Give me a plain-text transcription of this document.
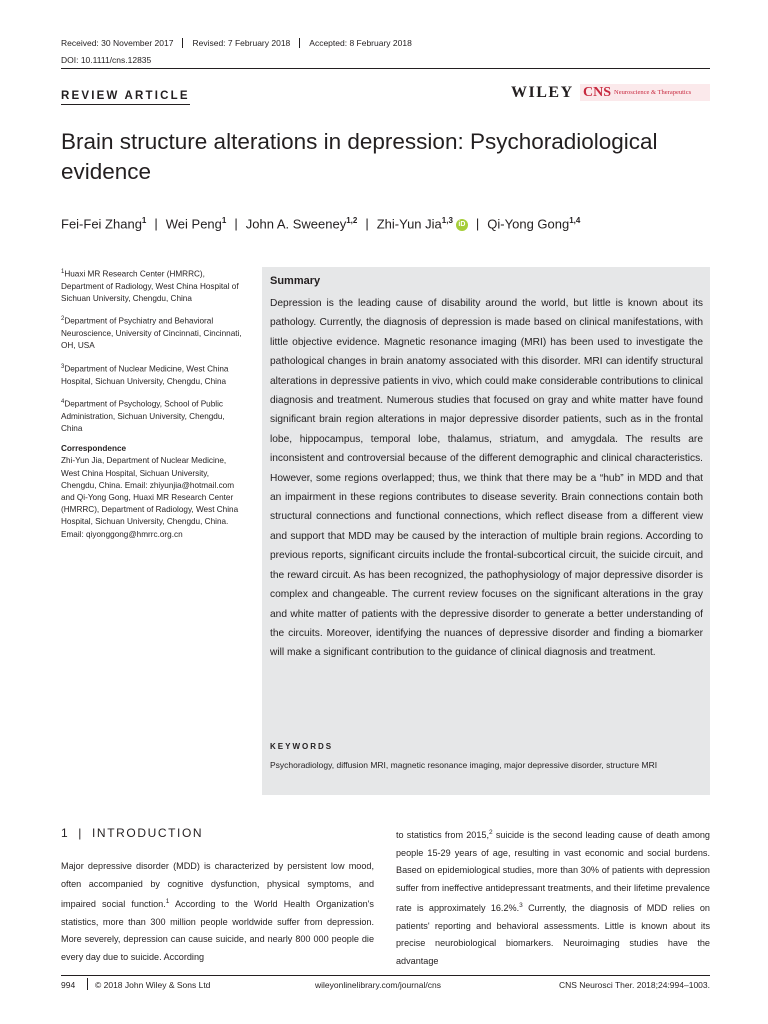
Received: 30 November 2017	Revised: 7 February 2018	Accepted: 8 February 2018
DOI: 10.1111/cns.12835
REVIEW ARTICLE	WILEY CNS Neuroscience & Therapeutics
Brain structure alterations in depression: Psychoradiological evidence
Fei-Fei Zhang$^1$ | Wei Peng$^1$ | John A. Sweeney$^{1,2}$ | Zhi-Yun Jia$^{1,3}$ iD | Qi-Yong Gong$^{1,4}$

$^1$Huaxi MR Research Center (HMRRC), Department of Radiology, West China Hospital of Sichuan University, Chengdu, China

$^2$Department of Psychiatry and Behavioral Neuroscience, University of Cincinnati, Cincinnati, OH, USA

$^3$Department of Nuclear Medicine, West China Hospital, Sichuan University, Chengdu, China

$^4$Department of Psychology, School of Public Administration, Sichuan University, Chengdu, China

Correspondence
Zhi-Yun Jia, Department of Nuclear Medicine, West China Hospital, Sichuan University, Chengdu, China. Email: zhiyunjia@hotmail.com and Qi-Yong Gong, Huaxi MR Research Center (HMRRC), Department of Radiology, West China Hospital, Sichuan University, Chengdu, China. Email: qiyonggong@hmrrc.org.cn
Summary
Depression is the leading cause of disability around the world, but little is known about its pathology. Currently, the diagnosis of depression is made based on clinical manifestations, with little objective evidence. Magnetic resonance imaging (MRI) has been used to investigate the pathological changes in brain anatomy associated with this disorder. MRI can identify structural alterations in depressive patients in vivo, which could make considerable contributions to clinical diagnosis and treatment. Numerous studies that focused on gray and white matter have found significant brain region alterations in major depressive disorder patients, such as in the frontal lobe, hippocampus, temporal lobe, thalamus, striatum, and amygdala. The results are inconsistent and controversial because of the different demographic and clinical characteristics. However, some regions overlapped; thus, we think that there may be a “hub” in MDD and that an impairment in these regions contributes to disease severity. Brain connections contain both structural connections and functional connections, which reflect disease from a different view and support that MDD may be caused by the interaction of multiple brain regions. According to previous reports, significant circuits include the frontal-subcortical circuit, the suicide circuit, and the reward circuit. As has been recognized, the pathophysiology of major depressive disorder is complex and changeable. The current review focuses on the significant alterations in the gray and white matter of patients with the depressive disorder to generate a better understanding of the circuits. Moreover, identifying the nuances of depressive disorder and finding a biomarker will make a significant contribution to the guidance of clinical diagnosis and treatment.
KEYWORDS
Psychoradiology, diffusion MRI, magnetic resonance imaging, major depressive disorder, structure MRI
1 | INTRODUCTION
Major depressive disorder (MDD) is characterized by persistent low mood, often accompanied by cognitive dysfunction, physical symptoms, and impaired social function.$^1$ According to the World Health Organization's statistics, more than 300 million people worldwide suffer from depression. More severely, depression can cause suicide, and nearly 800 000 people die every day due to suicide. According
to statistics from 2015,$^2$ suicide is the second leading cause of death among people 15-29 years of age, resulting in vast economic and social burdens. Based on epidemiological studies, more than 30% of patients with depression suffer from ineffective antidepressant treatments, and their lifetime prevalence rate is approximately 16.2%.$^3$ Currently, the diagnosis of MDD relies on patients' reporting and behavioral assessments. Little is known about its precise neurobiological biomarkers. Neuroimaging studies have the advantage
994 © 2018 John Wiley & Sons Ltd	wileyonlinelibrary.com/journal/cns	CNS Neurosci Ther. 2018;24:994–1003.
